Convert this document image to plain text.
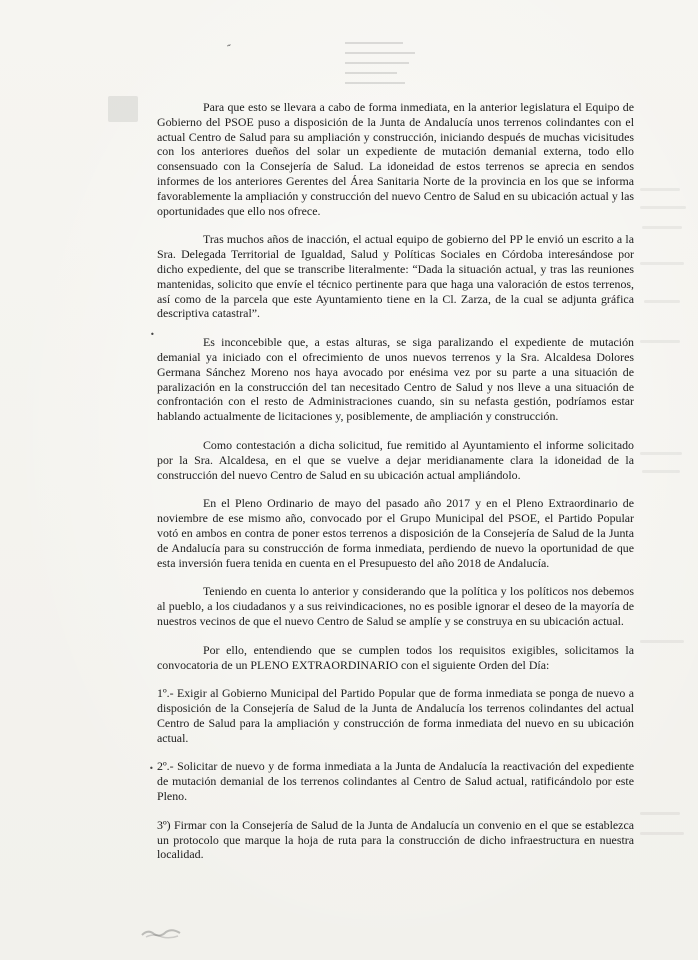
˜
•
•

Para que esto se llevara a cabo de forma inmediata, en la anterior legislatura el Equipo de Gobierno del PSOE puso a disposición de la Junta de Andalucía unos terrenos colindantes con el actual Centro de Salud para su ampliación y construcción, iniciando después de muchas vicisitudes con los anteriores dueños del solar un expediente de mutación demanial externa, todo ello consensuado con la Consejería de Salud. La idoneidad de estos terrenos se aprecia en sendos informes de los anteriores Gerentes del Área Sanitaria Norte de la provincia en los que se informa favorablemente la ampliación y construcción del nuevo Centro de Salud en su ubicación actual y las oportunidades que ello nos ofrece.

Tras muchos años de inacción, el actual equipo de gobierno del PP le envió un escrito a la Sra. Delegada Territorial de Igualdad, Salud y Políticas Sociales en Córdoba interesándose por dicho expediente, del que se transcribe literalmente: “Dada la situación actual, y tras las reuniones mantenidas, solicito que envíe el técnico pertinente para que haga una valoración de estos terrenos, así como de la parcela que este Ayuntamiento tiene en la Cl. Zarza, de la cual se adjunta gráfica descriptiva catastral”.

Es inconcebible que, a estas alturas, se siga paralizando el expediente de mutación demanial ya iniciado con el ofrecimiento de unos nuevos terrenos y la Sra. Alcaldesa Dolores Germana Sánchez Moreno nos haya avocado por enésima vez por su parte a una situación de paralización en la construcción del tan necesitado Centro de Salud y nos lleve a una situación de confrontación con el resto de Administraciones cuando, sin su nefasta gestión, podríamos estar hablando actualmente de licitaciones y, posiblemente, de ampliación y construcción.

Como contestación a dicha solicitud, fue remitido al Ayuntamiento el informe solicitado por la Sra. Alcaldesa, en el que se vuelve a dejar meridianamente clara la idoneidad de la construcción del nuevo Centro de Salud en su ubicación actual ampliándolo.

En el Pleno Ordinario de mayo del pasado año 2017 y en el Pleno Extraordinario de noviembre de ese mismo año, convocado por el Grupo Municipal del PSOE, el Partido Popular votó en ambos en contra de poner estos terrenos a disposición de la Consejería de Salud de la Junta de Andalucía para su construcción de forma inmediata, perdiendo de nuevo la oportunidad de que esta inversión fuera tenida en cuenta en el Presupuesto del año 2018 de Andalucía.

Teniendo en cuenta lo anterior y considerando que la política y los políticos nos debemos al pueblo, a los ciudadanos y a sus reivindicaciones, no es posible ignorar el deseo de la mayoría de nuestros vecinos de que el nuevo Centro de Salud se amplíe y se construya en su ubicación actual.

Por ello, entendiendo que se cumplen todos los requisitos exigibles, solicitamos la convocatoria de un PLENO EXTRAORDINARIO con el siguiente Orden del Día:

1º.- Exigir al Gobierno Municipal del Partido Popular que de forma inmediata se ponga de nuevo a disposición de la Consejería de Salud de la Junta de Andalucía los terrenos colindantes del actual Centro de Salud para la ampliación y construcción de forma inmediata del nuevo en su ubicación actual.

2º.- Solicitar de nuevo y de forma inmediata a la Junta de Andalucía la reactivación del expediente de mutación demanial de los terrenos colindantes al Centro de Salud actual, ratificándolo por este Pleno.

3º) Firmar con la Consejería de Salud de la Junta de Andalucía un convenio en el que se establezca un protocolo que marque la hoja de ruta para la construcción de dicho infraestructura en nuestra localidad.
